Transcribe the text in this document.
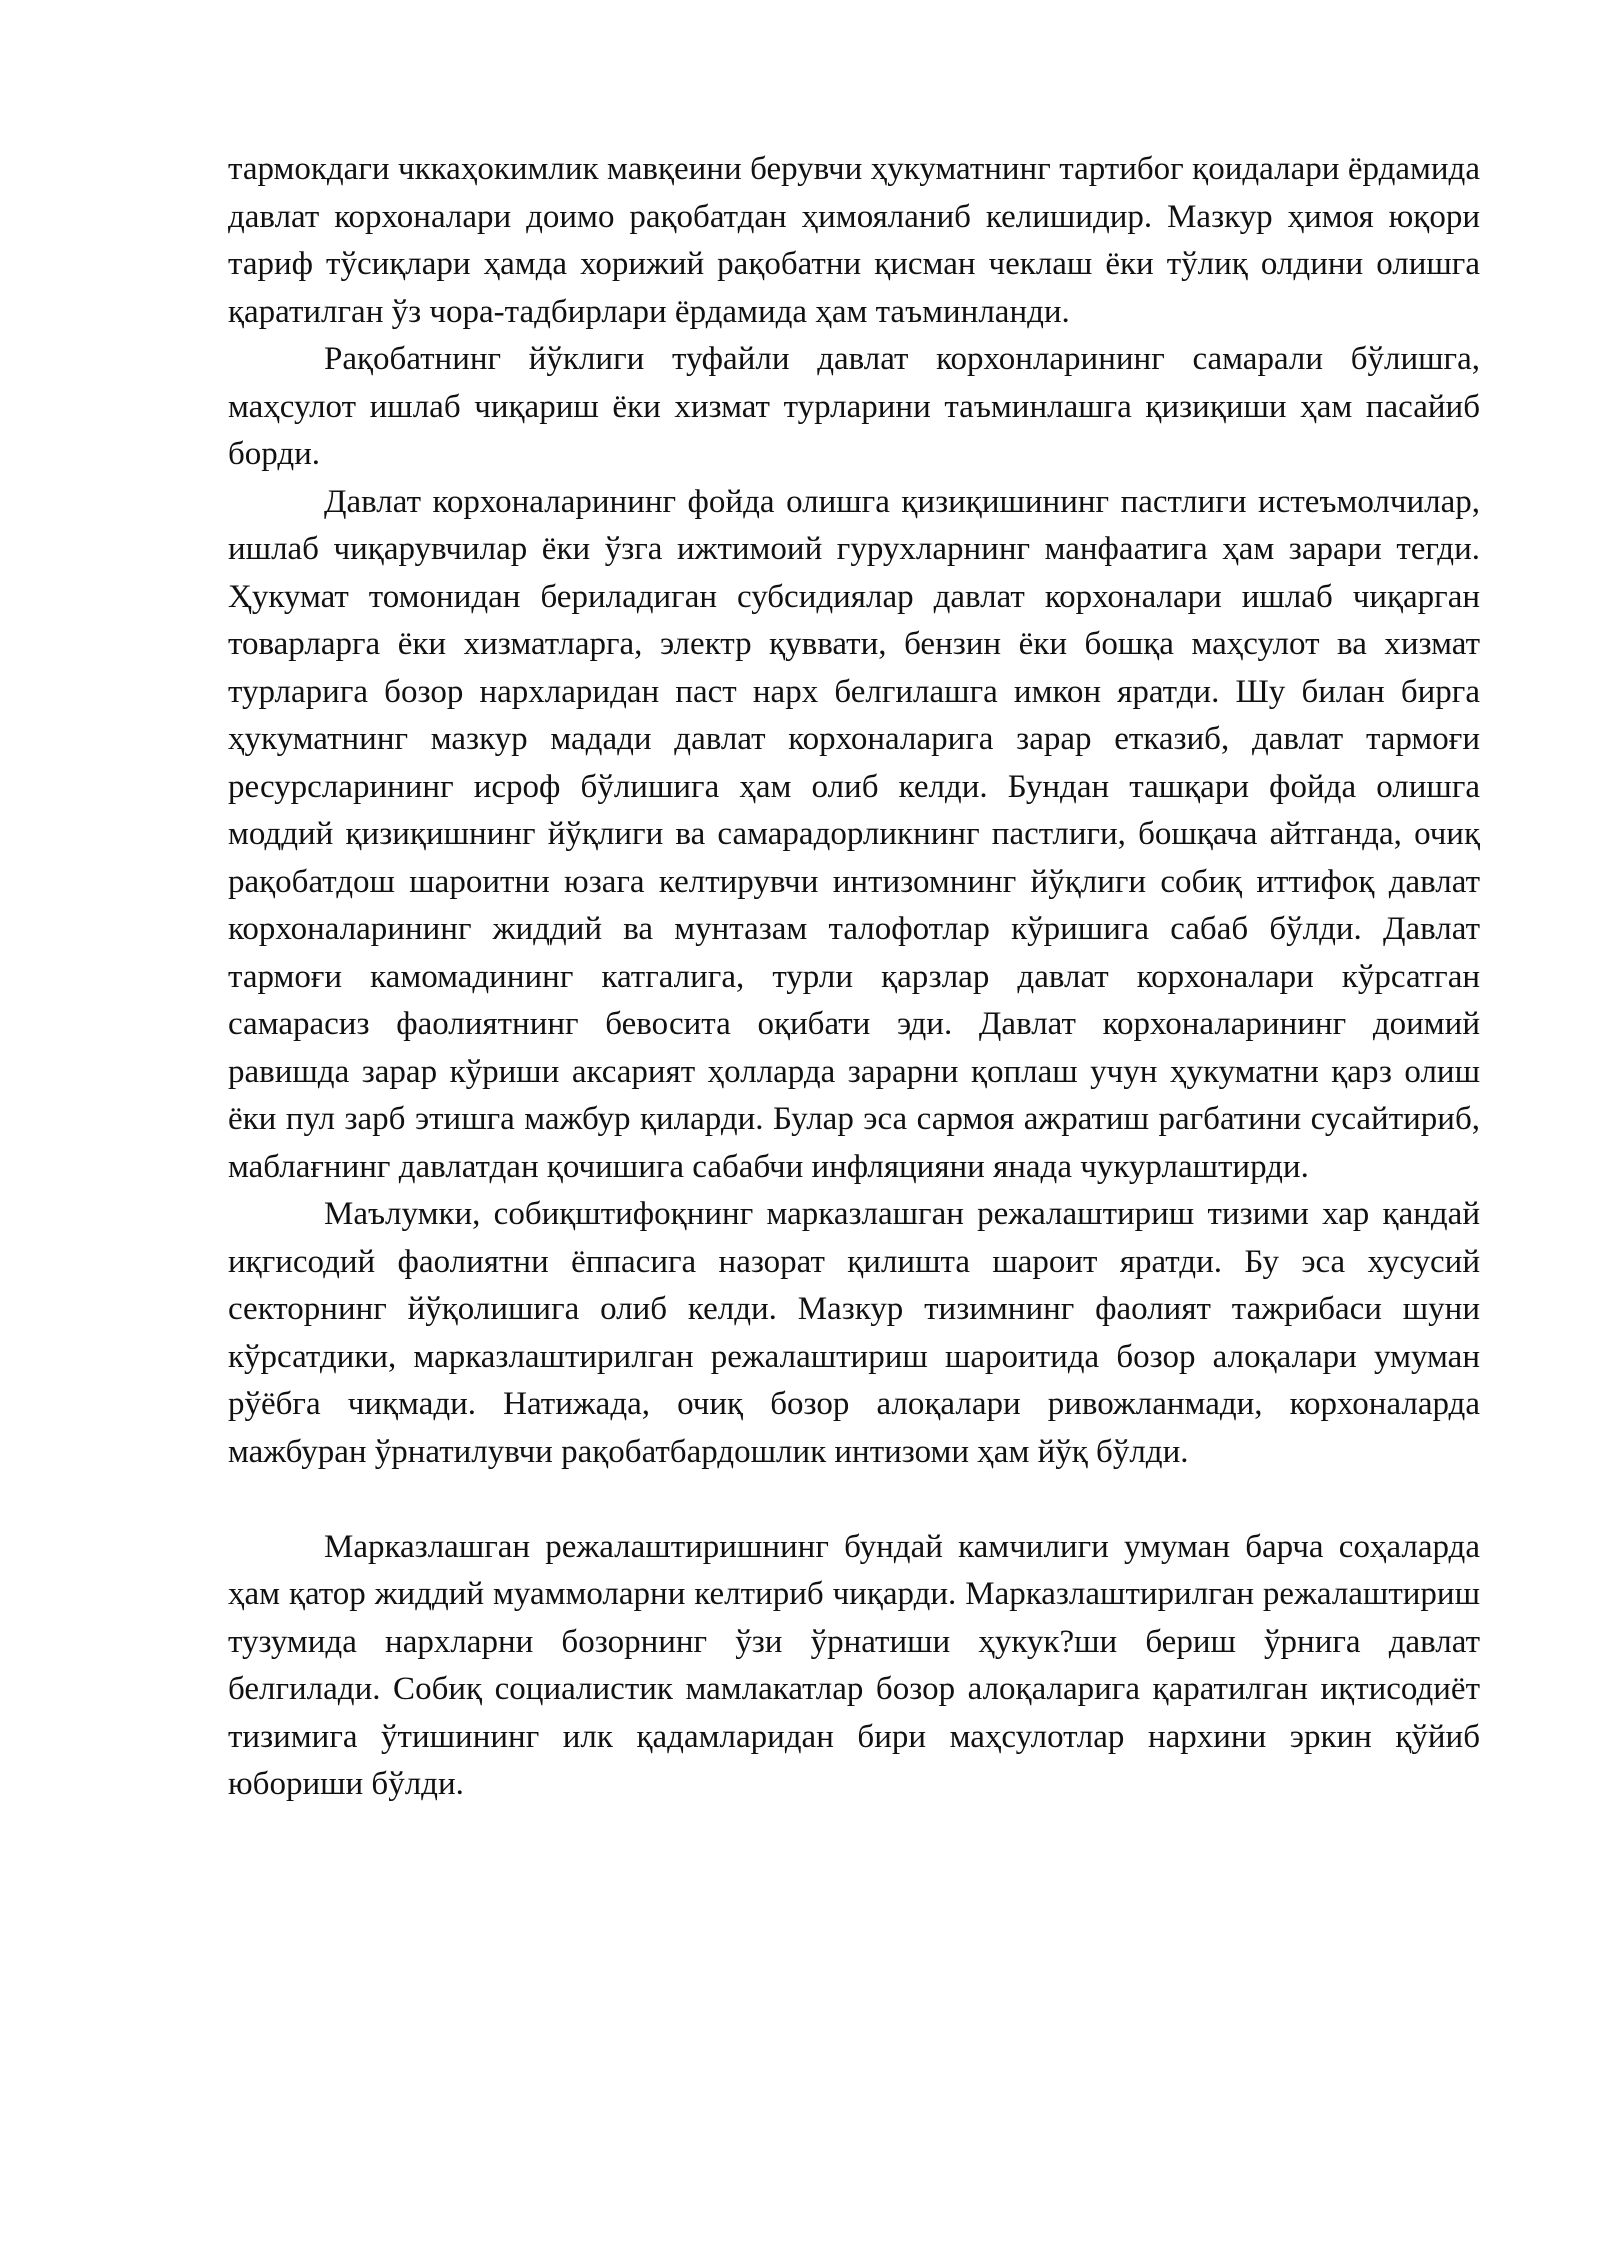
тармокдаги чккаҳокимлик мавқеини берувчи ҳукуматнинг тартибог қоидалари ёрдамида давлат корхоналари доимо рақобатдан ҳимояланиб келишидир. Мазкур ҳимоя юқори тариф тўсиқлари ҳамда хорижий рақобатни қисман чеклаш ёки тўлиқ олдини олишга қаратилган ўз чора-тадбирлари ёрдамида ҳам таъминланди.

Рақобатнинг йўклиги туфайли давлат корхонларининг самарали бўлишга, маҳсулот ишлаб чиқариш ёки хизмат турларини таъминлашга қизиқиши ҳам пасайиб борди.

Давлат корхоналарининг фойда олишга қизиқишининг пастлиги истеъмолчилар, ишлаб чиқарувчилар ёки ўзга ижтимоий гурухларнинг манфаатига ҳам зарари тегди. Ҳукумат томонидан бериладиган субсидиялар давлат корхоналари ишлаб чиқарган товарларга ёки хизматларга, электр қуввати, бензин ёки бошқа маҳсулот ва хизмат турларига бозор нархларидан паст нарх белгилашга имкон яратди. Шу билан бирга ҳукуматнинг мазкур мадади давлат корхоналарига зарар етказиб, давлат тармоғи ресурсларининг исроф бўлишига ҳам олиб келди. Бундан ташқари фойда олишга моддий қизиқишнинг йўқлиги ва самарадорликнинг пастлиги, бошқача айтганда, очиқ рақобатдош шароитни юзага келтирувчи интизомнинг йўқлиги собиқ иттифоқ давлат корхоналарининг жиддий ва мунтазам талофотлар кўришига сабаб бўлди. Давлат тармоғи камомадининг катгалига, турли қарзлар давлат корхоналари кўрсатган самарасиз фаолиятнинг бевосита оқибати эди. Давлат корхоналарининг доимий равишда зарар кўриши аксарият ҳолларда зарарни қоплаш учун ҳукуматни қарз олиш ёки пул зарб этишга мажбур қиларди. Булар эса сармоя ажратиш рагбатини сусайтириб, маблағнинг давлатдан қочишига сабабчи инфляцияни янада чукурлаштирди.

Маълумки, собиқштифоқнинг марказлашган режалаштириш тизими хар қандай иқгисодий фаолиятни ёппасига назорат қилишта шароит яратди. Бу эса хусусий секторнинг йўқолишига олиб келди. Мазкур тизимнинг фаолият тажрибаси шуни кўрсатдики, марказлаштирилган режалаштириш шароитида бозор алоқалари умуман рўёбга чиқмади. Натижада, очиқ бозор алоқалари ривожланмади, корхоналарда мажбуран ўрнатилувчи рақобатбардошлик интизоми ҳам йўқ бўлди.

Марказлашган режалаштиришнинг бундай камчилиги умуман барча соҳаларда ҳам қатор жиддий муаммоларни келтириб чиқарди. Марказлаштирилган режалаштириш тузумида нархларни бозорнинг ўзи ўрнатиши ҳукук?ши бериш ўрнига давлат белгилади. Собиқ социалистик мамлакатлар бозор алоқаларига қаратилган иқтисодиёт тизимига ўтишининг илк қадамларидан бири маҳсулотлар нархини эркин қўйиб юбориши бўлди.
